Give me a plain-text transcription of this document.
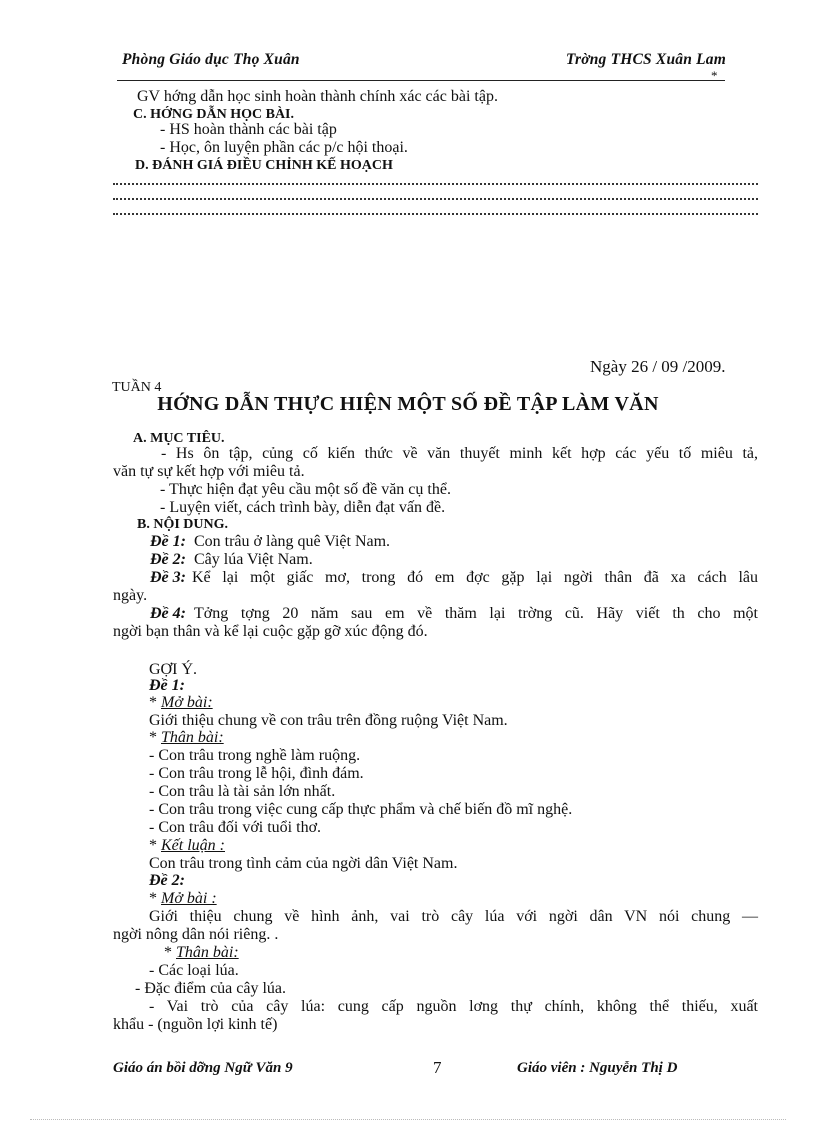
Phòng Giáo dục Thọ Xuân	Trờng THCS Xuân Lam
*
GV hớng dẫn học sinh hoàn thành chính xác các bài tập.
C. HỚNG DẪN HỌC BÀI.
- HS hoàn thành các bài tập
- Học, ôn luyện phần các p/c hội thoại.
D. ĐÁNH GIÁ ĐIỀU CHỈNH KẾ HOẠCH
Ngày 26 / 09 /2009.
TUẦN 4
HỚNG DẪN THỰC HIỆN MỘT SỐ ĐỀ TẬP LÀM VĂN
A. MỤC TIÊU.
- Hs ôn tập, củng cố kiến thức về văn thuyết minh kết hợp các yếu tố miêu tả,
văn tự sự kết hợp với miêu tả.
- Thực hiện đạt yêu cầu một số đề văn cụ thể.
- Luyện viết, cách trình bày, diễn đạt vấn đề.
B. NỘI DUNG.
Đề 1: Con trâu ở làng quê Việt Nam.
Đề 2: Cây lúa Việt Nam.
Đề 3: Kể lại một giấc mơ, trong đó em đợc gặp lại ngời thân đã xa cách lâu
ngày.
Đề 4: Tởng tợng 20 năm sau em về thăm lại trờng cũ. Hãy viết th cho một
ngời bạn thân và kể lại cuộc gặp gỡ xúc động đó.
GỢI Ý.
Đề 1:
* Mở bài:
Giới thiệu chung về con trâu trên đồng ruộng Việt Nam.
* Thân bài:
- Con trâu trong nghề làm ruộng.
- Con trâu trong lễ hội, đình đám.
- Con trâu là tài sản lớn nhất.
- Con trâu trong việc cung cấp thực phẩm và chế biến đồ mĩ nghệ.
- Con trâu đối với tuổi thơ.
* Kết luận :
Con trâu trong tình cảm của ngời dân Việt Nam.
Đề 2:
* Mở bài :
Giới thiệu chung về hình ảnh, vai trò cây lúa với ngời dân VN nói chung —
ngời nông dân nói riêng. .
* Thân bài:
- Các loại lúa.
- Đặc điểm của cây lúa.
- Vai trò của cây lúa: cung cấp nguồn lơng thự chính, không thể thiếu, xuất
khẩu - (nguồn lợi kinh tế)
Giáo án bồi dỡng Ngữ Văn 9	7	Giáo viên : Nguyễn Thị D
